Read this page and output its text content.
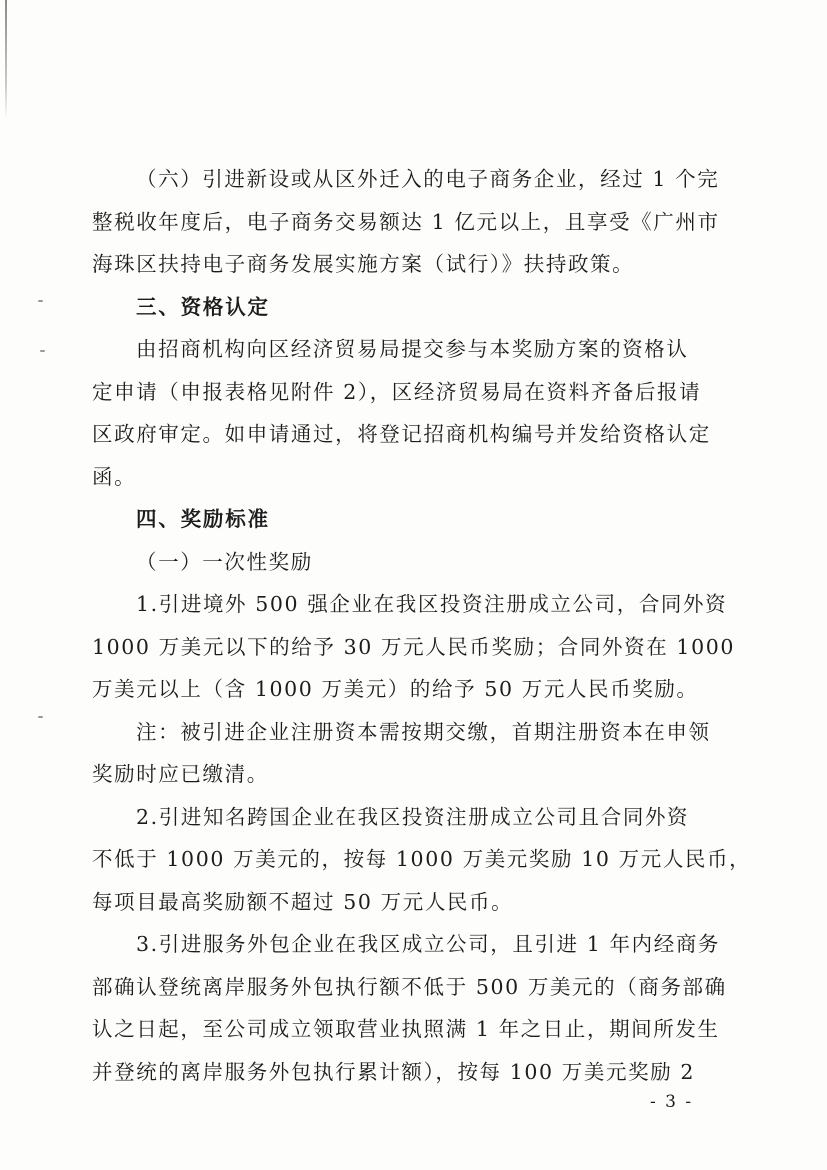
（六）引进新设或从区外迁入的电子商务企业，经过 1 个完
整税收年度后，电子商务交易额达 1 亿元以上，且享受《广州市
海珠区扶持电子商务发展实施方案（试行）》扶持政策。
三、资格认定
由招商机构向区经济贸易局提交参与本奖励方案的资格认
定申请（申报表格见附件 2），区经济贸易局在资料齐备后报请
区政府审定。如申请通过，将登记招商机构编号并发给资格认定
函。
四、奖励标准
（一）一次性奖励
1.引进境外 500 强企业在我区投资注册成立公司，合同外资
1000 万美元以下的给予 30 万元人民币奖励；合同外资在 1000
万美元以上（含 1000 万美元）的给予 50 万元人民币奖励。
注：被引进企业注册资本需按期交缴，首期注册资本在申领
奖励时应已缴清。
2.引进知名跨国企业在我区投资注册成立公司且合同外资
不低于 1000 万美元的，按每 1000 万美元奖励 10 万元人民币，
每项目最高奖励额不超过 50 万元人民币。
3.引进服务外包企业在我区成立公司，且引进 1 年内经商务
部确认登统离岸服务外包执行额不低于 500 万美元的（商务部确
认之日起，至公司成立领取营业执照满 1 年之日止，期间所发生
并登统的离岸服务外包执行累计额），按每 100 万美元奖励 2
- 3 -
